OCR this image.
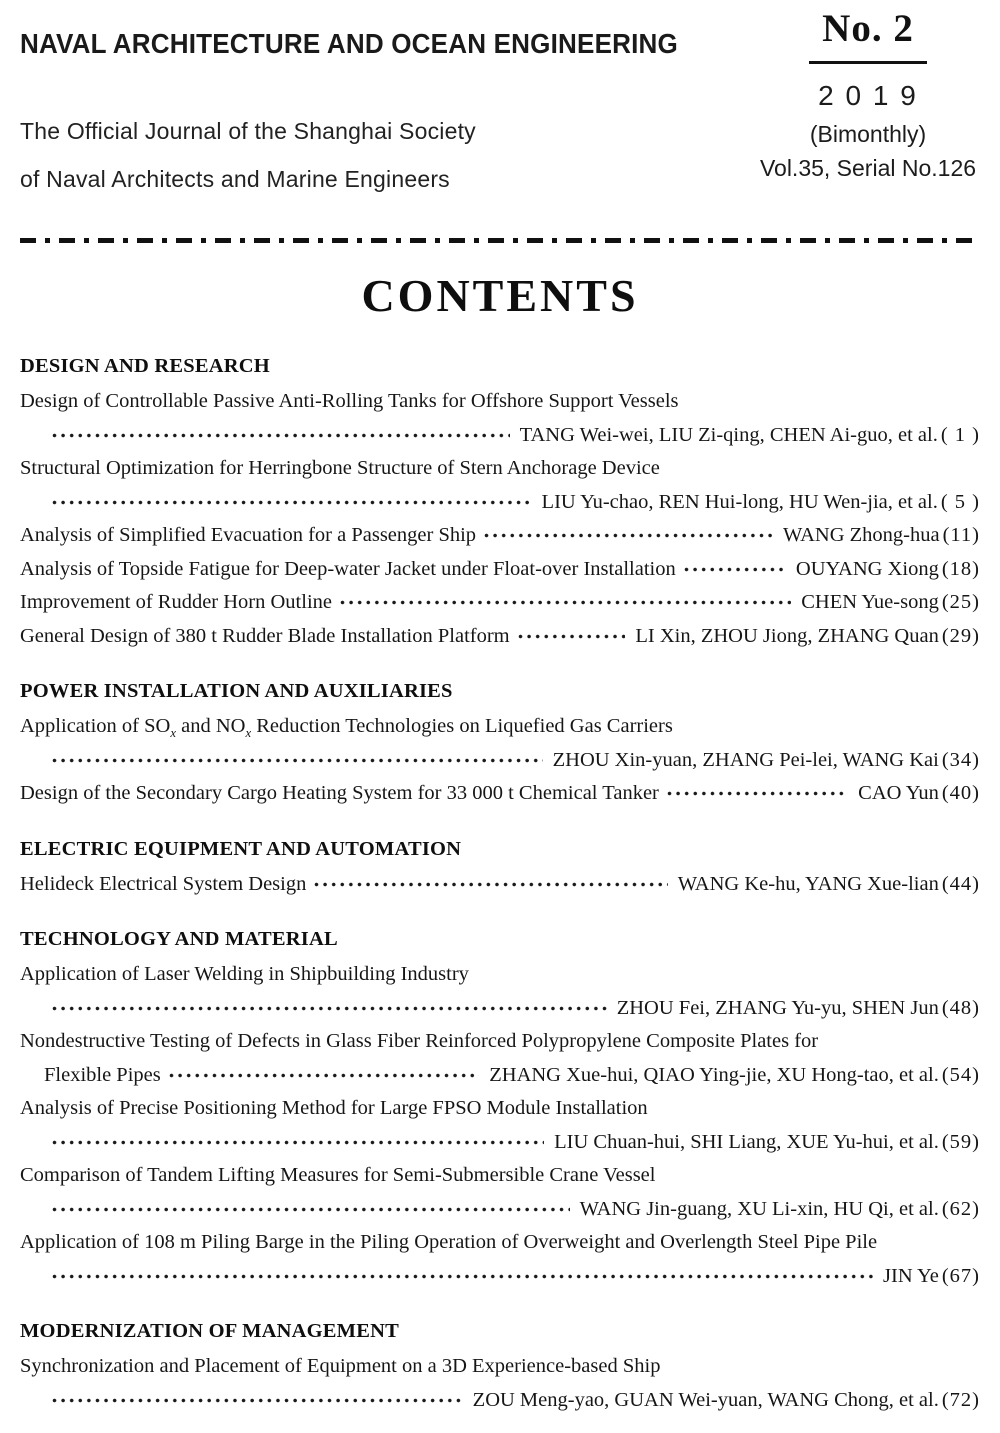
NAVAL ARCHITECTURE AND OCEAN ENGINEERING
The Official Journal of the Shanghai Society
of Naval Architects and Marine Engineers
No. 2
2 0 1 9
(Bimonthly)
Vol.35, Serial No.126
CONTENTS
DESIGN AND RESEARCH
Design of Controllable Passive Anti-Rolling Tanks for Offshore Support Vessels
TANG Wei-wei, LIU Zi-qing, CHEN Ai-guo, et al. ( 1 )
Structural Optimization for Herringbone Structure of Stern Anchorage Device
LIU Yu-chao, REN Hui-long, HU Wen-jia, et al. ( 5 )
Analysis of Simplified Evacuation for a Passenger Ship	WANG Zhong-hua (11)
Analysis of Topside Fatigue for Deep-water Jacket under Float-over Installation	OUYANG Xiong (18)
Improvement of Rudder Horn Outline	CHEN Yue-song (25)
General Design of 380 t Rudder Blade Installation Platform	LI Xin, ZHOU Jiong, ZHANG Quan (29)
POWER INSTALLATION AND AUXILIARIES
Application of $SO_x$ and $NO_x$ Reduction Technologies on Liquefied Gas Carriers
ZHOU Xin-yuan, ZHANG Pei-lei, WANG Kai (34)
Design of the Secondary Cargo Heating System for 33 000 t Chemical Tanker	CAO Yun (40)
ELECTRIC EQUIPMENT AND AUTOMATION
Helideck Electrical System Design	WANG Ke-hu, YANG Xue-lian (44)
TECHNOLOGY AND MATERIAL
Application of Laser Welding in Shipbuilding Industry
ZHOU Fei, ZHANG Yu-yu, SHEN Jun (48)
Nondestructive Testing of Defects in Glass Fiber Reinforced Polypropylene Composite Plates for
Flexible Pipes	ZHANG Xue-hui, QIAO Ying-jie, XU Hong-tao, et al. (54)
Analysis of Precise Positioning Method for Large FPSO Module Installation
LIU Chuan-hui, SHI Liang, XUE Yu-hui, et al. (59)
Comparison of Tandem Lifting Measures for Semi-Submersible Crane Vessel
WANG Jin-guang, XU Li-xin, HU Qi, et al. (62)
Application of 108 m Piling Barge in the Piling Operation of Overweight and Overlength Steel Pipe Pile
JIN Ye (67)
MODERNIZATION OF MANAGEMENT
Synchronization and Placement of Equipment on a 3D Experience-based Ship
ZOU Meng-yao, GUAN Wei-yuan, WANG Chong, et al. (72)
